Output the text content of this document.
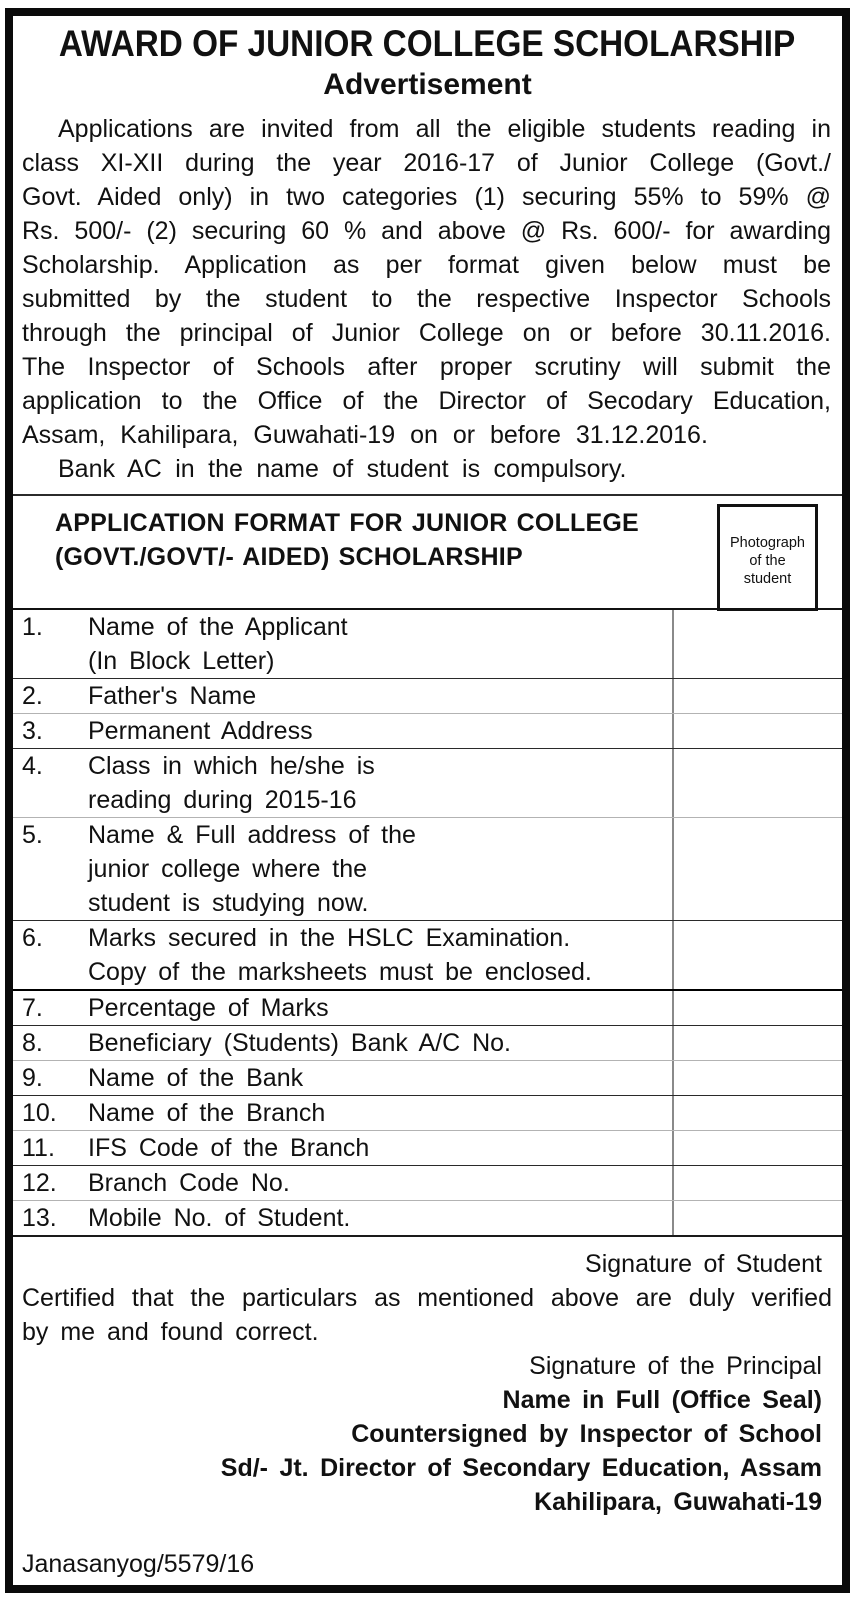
AWARD OF JUNIOR COLLEGE SCHOLARSHIP
Advertisement
Applications are invited from all the eligible students reading in
class XI-XII during the year 2016-17 of Junior College (Govt./
Govt. Aided only) in two categories (1) securing 55% to 59% @
Rs. 500/- (2) securing 60 % and above @ Rs. 600/- for awarding
Scholarship. Application as per format given below must be
submitted by the student to the respective Inspector Schools
through the principal of Junior College on or before 30.11.2016.
The Inspector of Schools after proper scrutiny will submit the
application to the Office of the Director of Secodary Education,
Assam, Kahilipara, Guwahati-19 on or before 31.12.2016.
Bank AC in the name of student is compulsory.
APPLICATION FORMAT FOR JUNIOR COLLEGE
(GOVT./GOVT/- AIDED) SCHOLARSHIP
Photograph
of the
student
1.	Name of the Applicant
(In Block Letter)
2.	Father's Name
3.	Permanent Address
4.	Class in which he/she is
reading during 2015-16
5.	Name & Full address of the
junior college where the
student is studying now.
6.	Marks secured in the HSLC Examination.
Copy of the marksheets must be enclosed.
7.	Percentage of Marks
8.	Beneficiary (Students) Bank A/C No.
9.	Name of the Bank
10.	Name of the Branch
11.	IFS Code of the Branch
12.	Branch Code No.
13.	Mobile No. of Student.
Signature of Student
Certified that the particulars as mentioned above are duly verified
by me and found correct.
Signature of the Principal
Name in Full (Office Seal)
Countersigned by Inspector of School
Sd/- Jt. Director of Secondary Education, Assam
Kahilipara, Guwahati-19
Janasanyog/5579/16
